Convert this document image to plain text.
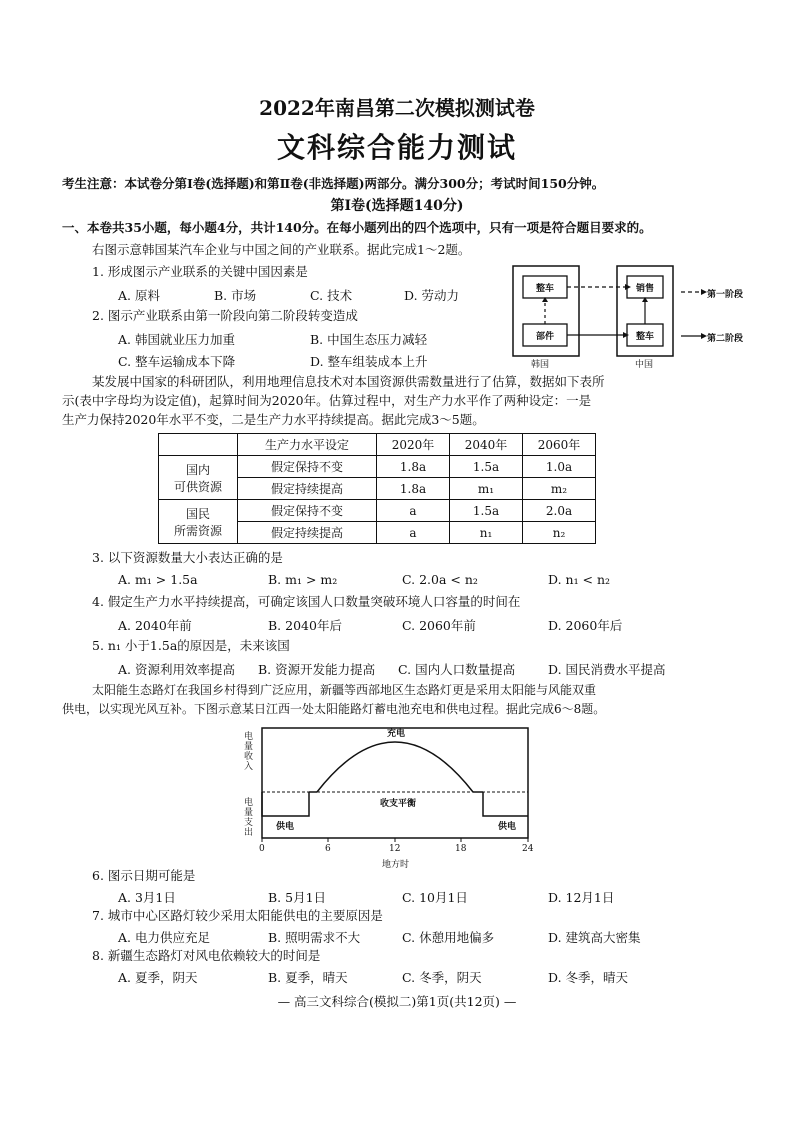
2022年南昌第二次模拟测试卷
文科综合能力测试
考生注意：本试卷分第Ⅰ卷(选择题)和第Ⅱ卷(非选择题)两部分。满分300分；考试时间150分钟。
第Ⅰ卷(选择题140分)
一、本卷共35小题，每小题4分，共计140分。在每小题列出的四个选项中，只有一项是符合题目要求的。
右图示意韩国某汽车企业与中国之间的产业联系。据此完成1～2题。
1. 形成图示产业联系的关键中国因素是
A. 原料	B. 市场	C. 技术	D. 劳动力
2. 图示产业联系由第一阶段向第二阶段转变造成
A. 韩国就业压力加重	B. 中国生态压力减轻
C. 整车运输成本下降	D. 整车组装成本上升
整车
部件
销售
整车
韩国	中国
第一阶段
第二阶段
某发展中国家的科研团队，利用地理信息技术对本国资源供需数量进行了估算，数据如下表所
示(表中字母均为设定值)，起算时间为2020年。估算过程中，对生产力水平作了两种设定：一是
生产力保持2020年水平不变，二是生产力水平持续提高。据此完成3～5题。
	生产力水平设定	2020年	2040年	2060年

国内
可供资源	假定保持不变	1.8a	1.5a	1.0a
	假定持续提高	1.8a	m₁	m₂

国民
所需资源	假定保持不变	a	1.5a	2.0a
	假定持续提高	a	n₁	n₂
3. 以下资源数量大小表达正确的是
A. m₁ > 1.5a	B. m₁ > m₂	C. 2.0a < n₂	D. n₁ < n₂
4. 假定生产力水平持续提高，可确定该国人口数量突破环境人口容量的时间在
A. 2040年前	B. 2040年后	C. 2060年前	D. 2060年后
5. n₁ 小于1.5a的原因是，未来该国
A. 资源利用效率提高 B. 资源开发能力提高 C. 国内人口数量提高	D. 国民消费水平提高
太阳能生态路灯在我国乡村得到广泛应用，新疆等西部地区生态路灯更是采用太阳能与风能双重
供电，以实现光风互补。下图示意某日江西一处太阳能路灯蓄电池充电和供电过程。据此完成6～8题。
电量收入
电量支出
充电
收支平衡
供电	供电
0	6	12	18	24
地方时
6. 图示日期可能是
A. 3月1日	B. 5月1日	C. 10月1日	D. 12月1日
7. 城市中心区路灯较少采用太阳能供电的主要原因是
A. 电力供应充足	B. 照明需求不大	C. 休憩用地偏多	D. 建筑高大密集
8. 新疆生态路灯对风电依赖较大的时间是
A. 夏季，阴天	B. 夏季，晴天	C. 冬季，阴天	D. 冬季，晴天
— 高三文科综合(模拟二)第1页(共12页) —
